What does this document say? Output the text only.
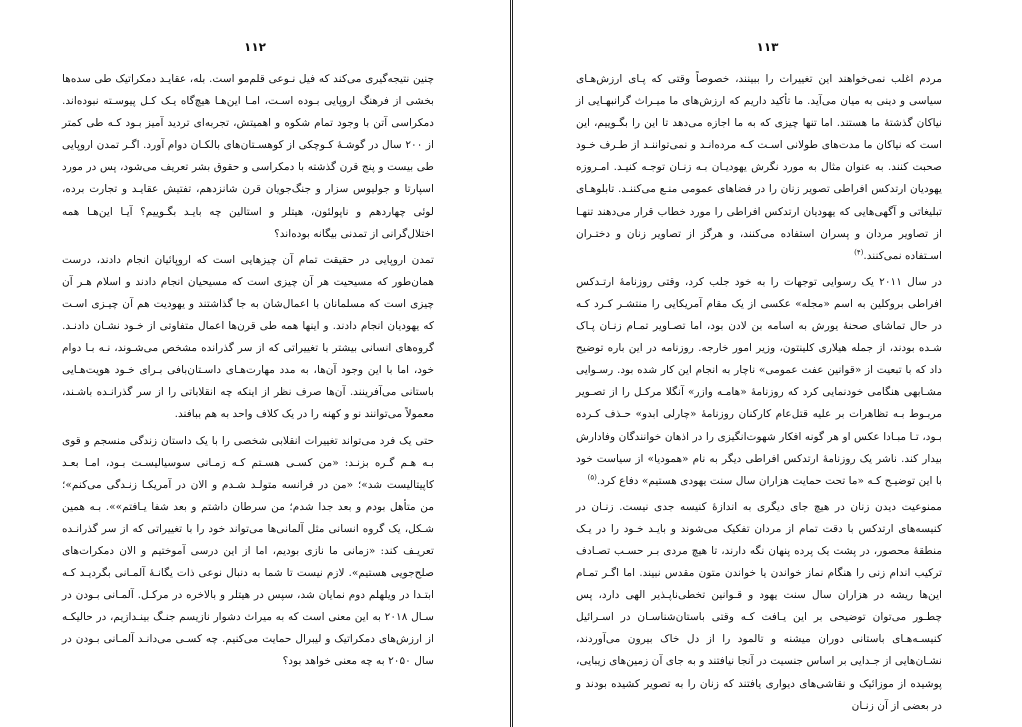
۱۱۲

چنین نتیجه‌گیری می‌کند که فیل نـوعی قلم‌مو است. بله، عقایـد دمکراتیک طی سده‌ها بخشی از فرهنگ اروپایی بـوده اسـت، امـا این‌هـا هیچ‌گاه یـک کـل پیوسـته نبوده‌اند. دمکراسی آتن با وجود تمام شکوه و اهمیتش، تجربه‌ای تردید آمیز بـود کـه طی کمتر از ۲۰۰ سال در گوشـهٔ کـوچکی از کوهسـتان‌های بالکـان دوام آورد. اگـر تمدن اروپایی طی بیست و پنج قرن گذشته با دمکراسی و حقوق بشر تعریف می‌شود، پس در مورد اسپارتا و جولیوس سزار و جنگ‌جویان قرن شانزدهم، تفتیش عقایـد و تجارت برده، لوئی چهاردهم و ناپولئون، هیتلر و استالین چه بایـد بگـوییم؟ آیـا این‌هـا همه اختلال‌گرانی از تمدنی بیگانه بوده‌اند؟

تمدن اروپایی در حقیقت تمام آن چیزهایی است که اروپائیان انجام دادند، درست همان‌طور که مسیحیت هر آن چیزی است که مسیحیان انجام دادند و اسلام هـر آن چیزی است که مسلمانان با اعمال‌شان به جا گذاشتند و یهودیت هم آن چیـزی اسـت که یهودیان انجام دادند. و اینها همه طی قرن‌ها اعمال متفاوتی از خـود نشـان دادنـد. گروه‌های انسانی بیشتر با تغییراتی که از سر گذرانده مشخص می‌شـوند، نـه بـا دوام خود، اما با این وجود آن‌ها، به مدد مهارت‌هـای داسـتان‌بافی بـرای خـود هویت‌هـایی باستانی می‌آفرینند. آن‌ها صرف نظر از اینکه چه انقلاباتی را از سر گذرانـده باشـند، معمولاً می‌توانند نو و کهنه را در یک کلاف واحد به هم ببافند.

حتی یک فرد می‌تواند تغییرات انقلابی شخصی را با یک داستان زندگی منسجم و قوی بـه هـم گـره بزنـد: «من کسـی هسـتم کـه زمـانی سوسیالیسـت بـود، امـا بعـد کاپیتالیست شد»؛ «من در فرانسه متولـد شـدم و الان در آمریکـا زنـدگی می‌کنم»؛ من متأهل بودم و بعد جدا شدم؛ من سرطان داشتم و بعد شفا یـافتم»». بـه همین شـکل، یک گروه انسانی مثل آلمانی‌ها می‌تواند خود را با تغییراتی که از سر گذرانـده تعریـف کند: «زمانی ما نازی بودیم، اما از این درسی آموختیم و الان دمکرات‌های صلح‌جویی هستیم». لازم نیست تا شما به دنبال نوعی ذات یگانـهٔ آلمـانی بگردیـد کـه ابتـدا در ویلهلم دوم نمایان شد، سپس در هیتلر و بالاخره در مرکـل. آلمـانی بـودن در سـال ۲۰۱۸ به این معنی است که به میراث دشوار نازیسم جنـگ بینـدازیم، در حالیکـه از ارزش‌های دمکراتیک و لیبرال حمایت می‌کنیم. چه کسـی می‌دانـد آلمـانی بـودن در سال ۲۰۵۰ به چه معنی خواهد بود؟

۱۱۳

مردم اغلب نمی‌خواهند این تغییرات را ببینند، خصوصاً وقتی که پـای ارزش‌هـای سیاسی و دینی به میان می‌آید. ما تأکید داریم که ارزش‌های ما میـراث گرانبهـایی از نیاکان گذشتهٔ ما هستند. اما تنها چیزی که به ما اجازه می‌دهد تا این را بگـوییم، این است که نیاکان ما مدت‌های طولانی اسـت کـه مرده‌انـد و نمی‌تواننـد از طـرف خـود صحبت کنند. به عنوان مثال به مورد نگرش یهودیـان بـه زنـان توجـه کنیـد. امـروزه یهودیان ارتدکس افراطی تصویر زنان را در فضاهای عمومی منـع می‌کننـد. تابلوهـای تبلیغاتی و آگهی‌هایی که یهودیان ارتدکس افراطی را مورد خطاب قرار می‌دهند تنهـا از تصاویر مردان و پسران استفاده می‌کنند، و هرگز از تصاویر زنان و دختـران اسـتفاده نمی‌کنند.$^{(۴)}$

در سال ۲۰۱۱ یک رسوایی توجهات را به خود جلب کرد، وقتی روزنامهٔ ارتـدکس افراطی بروکلین به اسم «مجله» عکسی از یک مقام آمریکایی را منتشـر کـرد کـه در حال تماشای صحنهٔ یورش به اسامه بن لادن بود، اما تصـاویر تمـام زنـان پـاک شـده بودند، از جمله هیلاری کلینتون، وزیر امور خارجه. روزنامه در این باره توضیح داد که با تبعیت از «قوانین عفت عمومی» ناچار به انجام این کار شده بود. رسـوایی مشـابهی هنگامی خودنمایی کرد که روزنامهٔ «هامـه وازر» آنگلا مرکـل را از تصـویر مربـوط بـه تظاهرات بر علیه قتل‌عام کارکنان روزنامهٔ «چارلی ابدو» حـذف کـرده بـود، تـا مبـادا عکس او هر گونه افکار شهوت‌انگیزی را در اذهان خوانندگان وفادارش بیدار کند. ناشر یک روزنامهٔ ارتدکس افراطی دیگر به نام «همودیا» از سیاست خود با این توضیـح کـه «ما تحت حمایت هزاران سال سنت یهودی هستیم» دفاع کرد.$^{(۵)}$

ممنوعیت دیدن زنان در هیچ جای دیگری به اندازهٔ کنیسه جدی نیست. زنـان در کنیسه‌های ارتدکس با دقت تمام از مردان تفکیک می‌شوند و بایـد خـود را در یـک منطقهٔ محصور، در پشت یک پرده پنهان نگه دارند، تا هیچ مردی بـر حسـب تصـادف ترکیب اندام زنی را هنگام نماز خواندن یا خواندن متون مقدس نبیند. اما اگـر تمـام این‌ها ریشه در هزاران سال سنت یهود و قـوانین تخطی‌ناپـذیر الهی دارد، پس چطـور می‌توان توضیحی بر این یـافت کـه وقتی باستان‌شناسـان در اسـرائیل کنیسـه‌هـای باستانی دوران میشنه و تالمود را از دل خاک بیرون می‌آوردند، نشـان‌هایی از جـدایی بر اساس جنسیت در آنجا نیافتند و به جای آن زمین‌های زیبایی، پوشیده از موزائیک و نقاشی‌های دیواری یافتند که زنان را به تصویر کشیده بودند و در بعضی از آن زنـان
